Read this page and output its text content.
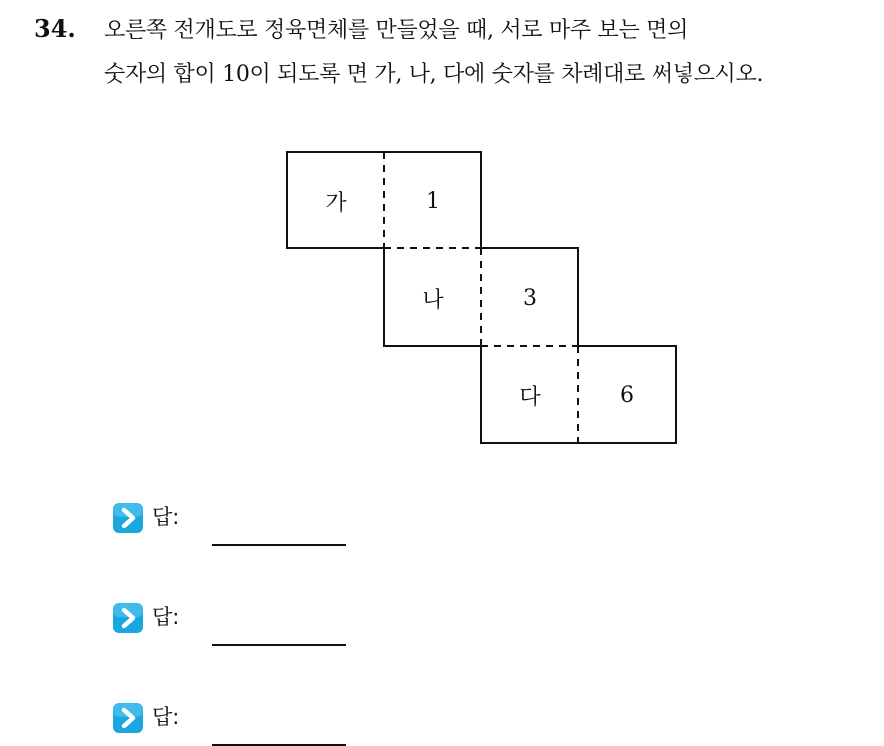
34. 오른쪽 전개도로 정육면체를 만들었을 때, 서로 마주 보는 면의
숫자의 합이 10이 되도록 면 가, 나, 다에 숫자를 차례대로 써넣으시오.
가	1
나	3
다	6
답:
답:
답:
